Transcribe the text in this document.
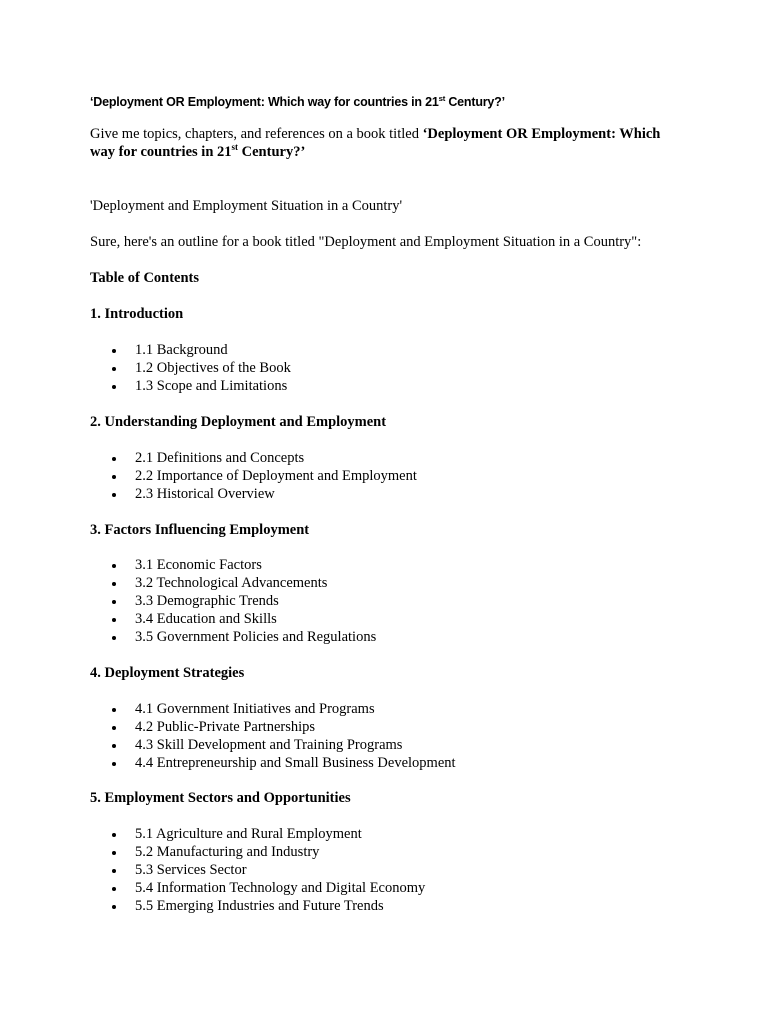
‘Deployment OR Employment: Which way for countries in 21st Century?’
Give me topics, chapters, and references on a book titled ‘Deployment OR Employment: Which way for countries in 21st Century?’
'Deployment and Employment Situation in a Country'
Sure, here's an outline for a book titled "Deployment and Employment Situation in a Country":
Table of Contents
1. Introduction
1.1 Background
1.2 Objectives of the Book
1.3 Scope and Limitations
2. Understanding Deployment and Employment
2.1 Definitions and Concepts
2.2 Importance of Deployment and Employment
2.3 Historical Overview
3. Factors Influencing Employment
3.1 Economic Factors
3.2 Technological Advancements
3.3 Demographic Trends
3.4 Education and Skills
3.5 Government Policies and Regulations
4. Deployment Strategies
4.1 Government Initiatives and Programs
4.2 Public-Private Partnerships
4.3 Skill Development and Training Programs
4.4 Entrepreneurship and Small Business Development
5. Employment Sectors and Opportunities
5.1 Agriculture and Rural Employment
5.2 Manufacturing and Industry
5.3 Services Sector
5.4 Information Technology and Digital Economy
5.5 Emerging Industries and Future Trends
